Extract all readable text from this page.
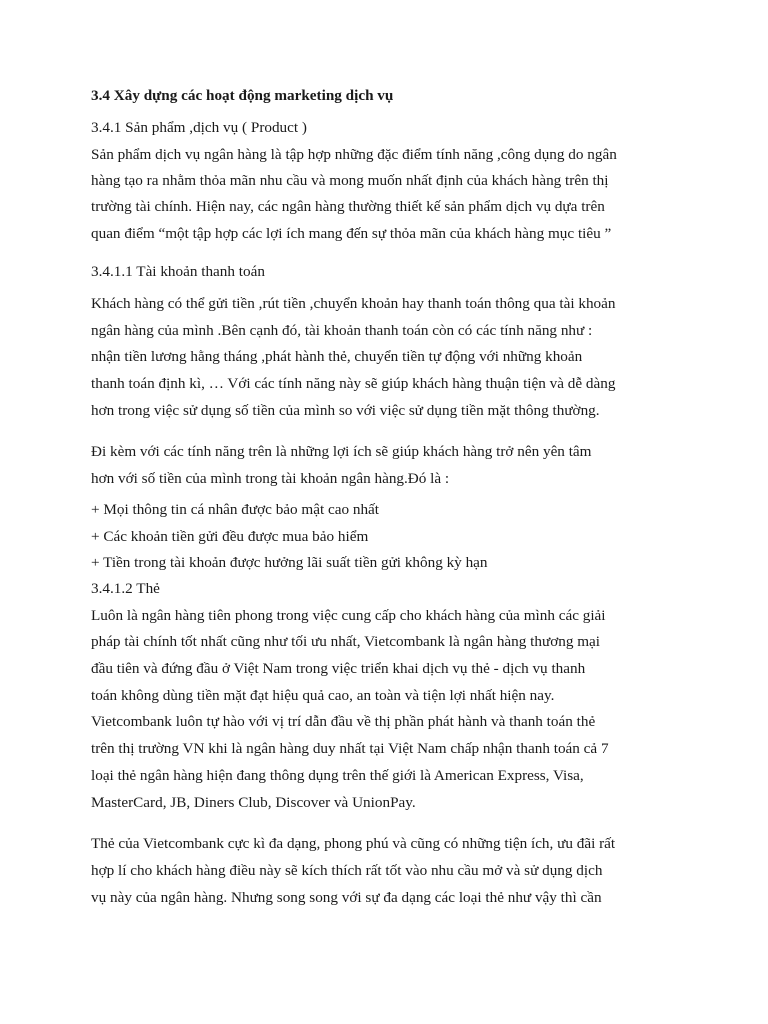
3.4 Xây dựng các hoạt động marketing dịch vụ
3.4.1 Sản phẩm ,dịch vụ ( Product )
Sản phẩm dịch vụ ngân hàng là tập hợp những đặc điểm tính năng ,công dụng do ngân
hàng tạo ra nhằm thỏa mãn nhu cầu và mong muốn nhất định của khách hàng trên thị
trường tài chính. Hiện nay, các ngân hàng thường thiết kế sản phẩm dịch vụ dựa trên
quan điểm “một tập hợp các lợi ích mang đến sự thỏa mãn của khách hàng mục tiêu ”
3.4.1.1 Tài khoản thanh toán
Khách hàng có thể gửi tiền ,rút tiền ,chuyển khoản hay thanh toán thông qua tài khoản
ngân hàng của mình .Bên cạnh đó, tài khoản thanh toán còn có các tính năng như :
nhận tiền lương hằng tháng ,phát hành thẻ, chuyển tiền tự động với những khoản
thanh toán định kì, … Với các tính năng này sẽ giúp khách hàng thuận tiện và dễ dàng
hơn trong việc sử dụng số tiền của mình so với việc sử dụng tiền mặt thông thường.
Đi kèm với các tính năng trên là những lợi ích sẽ giúp khách hàng trở nên yên tâm
hơn với số tiền của mình trong tài khoản ngân hàng.Đó là :
+ Mọi thông tin cá nhân được bảo mật cao nhất
+ Các khoản tiền gửi đều được mua bảo hiểm
+ Tiền trong tài khoản được hưởng lãi suất tiền gửi không kỳ hạn
3.4.1.2 Thẻ
Luôn là ngân hàng tiên phong trong việc cung cấp cho khách hàng của mình các giải
pháp tài chính tốt nhất cũng như tối ưu nhất, Vietcombank là ngân hàng thương mại
đầu tiên và đứng đầu ở Việt Nam trong việc triển khai dịch vụ thẻ - dịch vụ thanh
toán không dùng tiền mặt đạt hiệu quả cao, an toàn và tiện lợi nhất hiện nay.
Vietcombank luôn tự hào với vị trí dẫn đầu về thị phần phát hành và thanh toán thẻ
trên thị trường VN khi là ngân hàng duy nhất tại Việt Nam chấp nhận thanh toán cả 7
loại thẻ ngân hàng hiện đang thông dụng trên thế giới là American Express, Visa,
MasterCard, JB, Diners Club, Discover và UnionPay.
Thẻ của Vietcombank cực kì đa dạng, phong phú và cũng có những tiện ích, ưu đãi rất
hợp lí cho khách hàng điều này sẽ kích thích rất tốt vào nhu cầu mở và sử dụng dịch
vụ này của ngân hàng. Nhưng song song với sự đa dạng các loại thẻ như vậy thì cần
